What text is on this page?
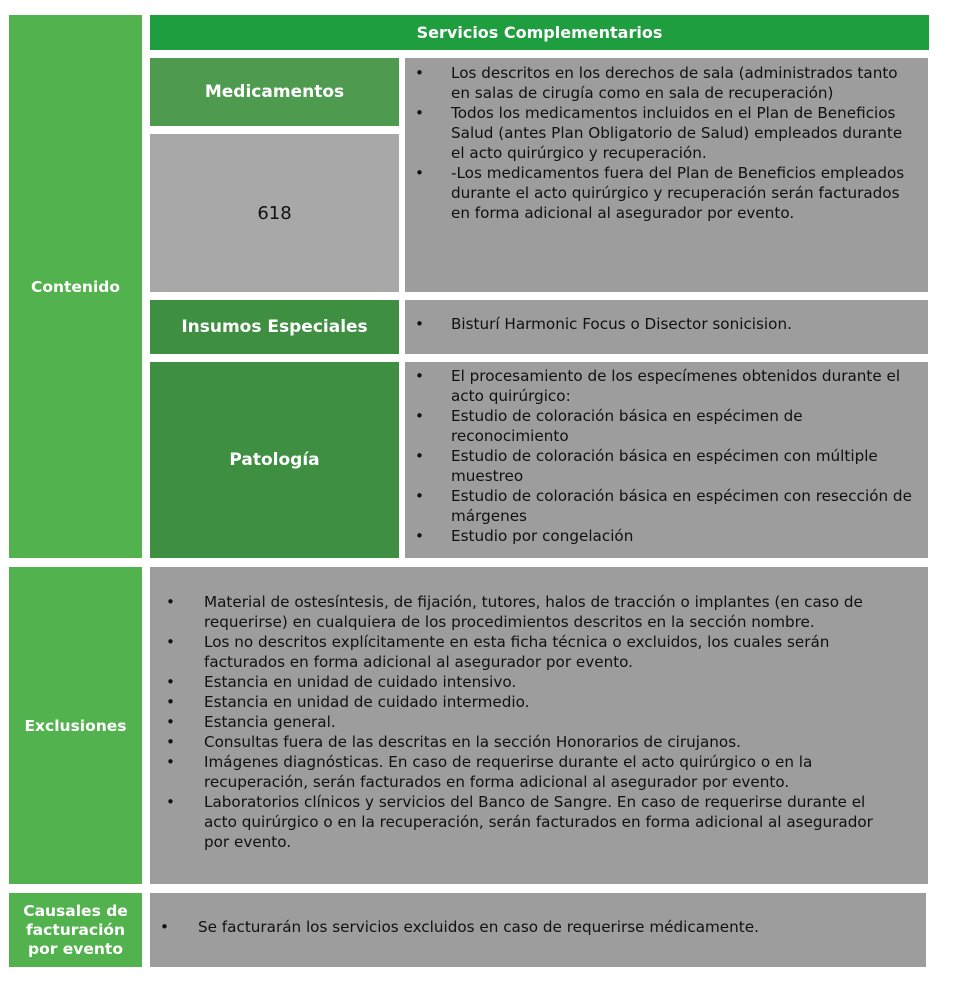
Contenido
Exclusiones
Causales de facturación por evento
Servicios Complementarios
Medicamentos
618
• Los descritos en los derechos de sala (administrados tanto en salas de cirugía como en sala de recuperación)
• Todos los medicamentos incluidos en el Plan de Beneficios Salud (antes Plan Obligatorio de Salud) empleados durante el acto quirúrgico y recuperación.
• -Los medicamentos fuera del Plan de Beneficios empleados durante el acto quirúrgico y recuperación serán facturados en forma adicional al asegurador por evento.
Insumos Especiales
•	Bisturí Harmonic Focus o Disector sonicision.
Patología
• El procesamiento de los especímenes obtenidos durante el acto quirúrgico:
• Estudio de coloración básica en espécimen de reconocimiento
• Estudio de coloración básica en espécimen con múltiple muestreo
• Estudio de coloración básica en espécimen con resección de márgenes
• Estudio por congelación
• Material de ostesíntesis, de fijación, tutores, halos de tracción o implantes (en caso de requerirse) en cualquiera de los procedimientos descritos en la sección nombre.
• Los no descritos explícitamente en esta ficha técnica o excluidos, los cuales serán facturados en forma adicional al asegurador por evento.
• Estancia en unidad de cuidado intensivo.
• Estancia en unidad de cuidado intermedio.
• Estancia general.
• Consultas fuera de las descritas en la sección Honorarios de cirujanos.
• Imágenes diagnósticas. En caso de requerirse durante el acto quirúrgico o en la recuperación, serán facturados en forma adicional al asegurador por evento.
• Laboratorios clínicos y servicios del Banco de Sangre. En caso de requerirse durante el acto quirúrgico o en la recuperación, serán facturados en forma adicional al asegurador por evento.
• Se facturarán los servicios excluidos en caso de requerirse médicamente.
